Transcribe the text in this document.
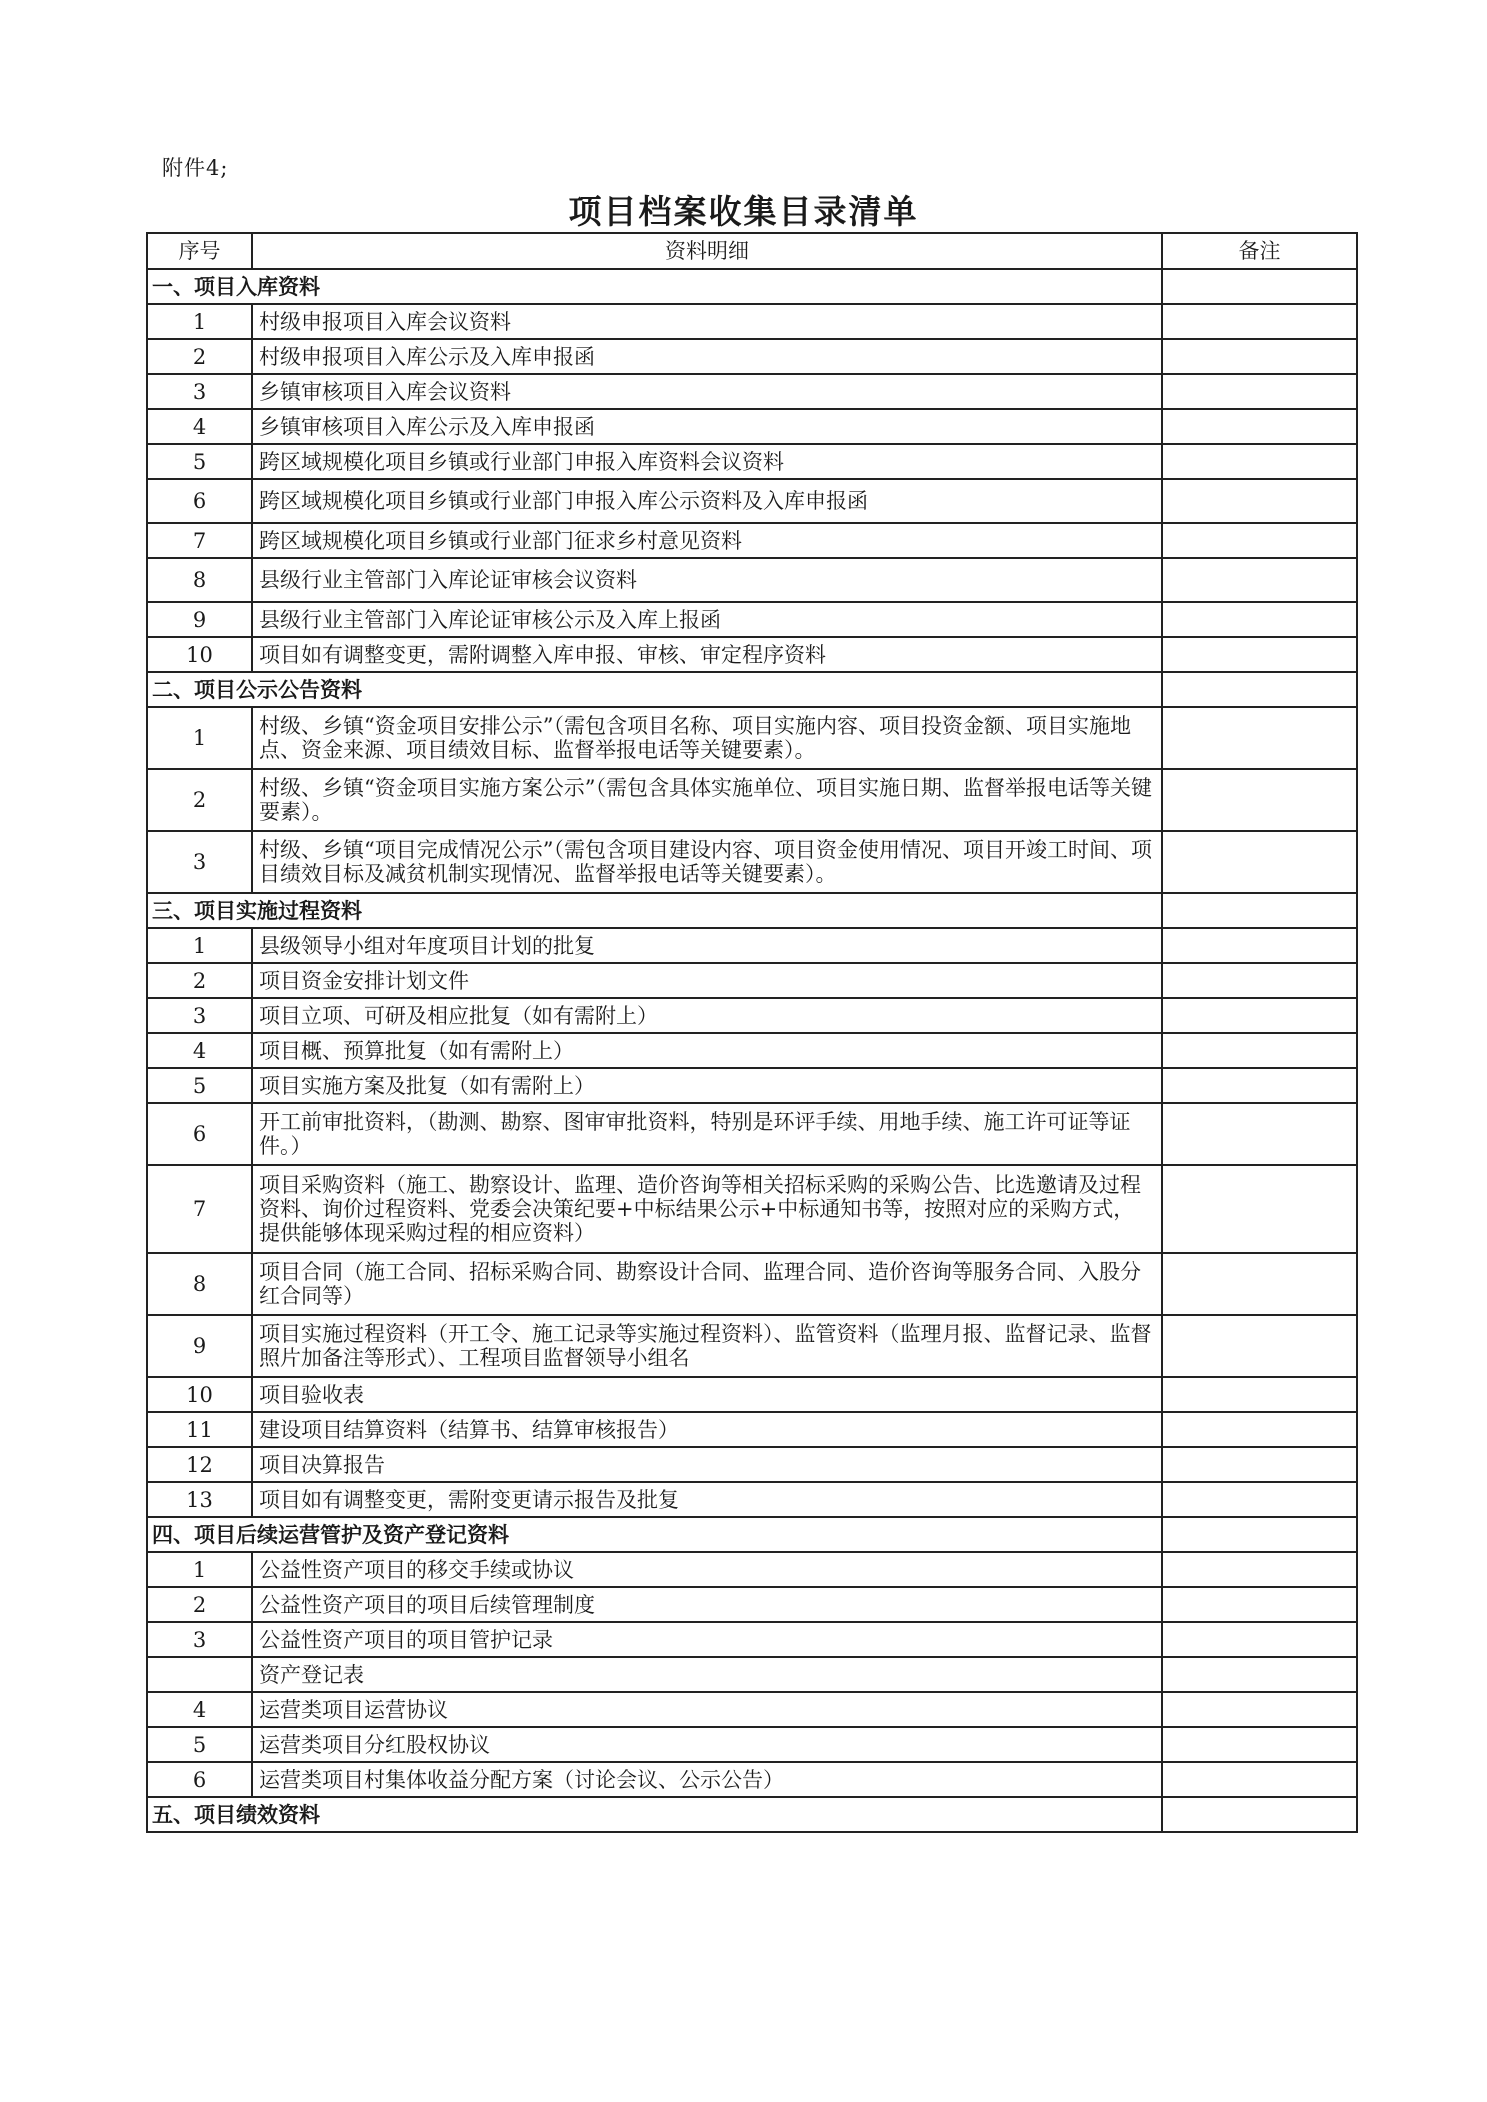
附件4;
项目档案收集目录清单
序号	资料明细	备注
一、项目入库资料		
1	村级申报项目入库会议资料	
2	村级申报项目入库公示及入库申报函	
3	乡镇审核项目入库会议资料	
4	乡镇审核项目入库公示及入库申报函	
5	跨区域规模化项目乡镇或行业部门申报入库资料会议资料	
6	跨区域规模化项目乡镇或行业部门申报入库公示资料及入库申报函	
7	跨区域规模化项目乡镇或行业部门征求乡村意见资料	
8	县级行业主管部门入库论证审核会议资料	
9	县级行业主管部门入库论证审核公示及入库上报函	
10	项目如有调整变更，需附调整入库申报、审核、审定程序资料	
二、项目公示公告资料		
1	村级、乡镇“资金项目安排公示”（需包含项目名称、项目实施内容、项目投资金额、项目实施地点、资金来源、项目绩效目标、监督举报电话等关键要素）。	
2	村级、乡镇“资金项目实施方案公示”（需包含具体实施单位、项目实施日期、监督举报电话等关键要素）。	
3	村级、乡镇“项目完成情况公示”（需包含项目建设内容、项目资金使用情况、项目开竣工时间、项目绩效目标及减贫机制实现情况、监督举报电话等关键要素）。	
三、项目实施过程资料		
1	县级领导小组对年度项目计划的批复	
2	项目资金安排计划文件	
3	项目立项、可研及相应批复（如有需附上）	
4	项目概、预算批复（如有需附上）	
5	项目实施方案及批复（如有需附上）	
6	开工前审批资料，（勘测、勘察、图审审批资料，特别是环评手续、用地手续、施工许可证等证件。）	
7	项目采购资料（施工、勘察设计、监理、造价咨询等相关招标采购的采购公告、比选邀请及过程资料、询价过程资料、党委会决策纪要+中标结果公示+中标通知书等，按照对应的采购方式，提供能够体现采购过程的相应资料）	
8	项目合同（施工合同、招标采购合同、勘察设计合同、监理合同、造价咨询等服务合同、入股分红合同等）	
9	项目实施过程资料（开工令、施工记录等实施过程资料）、监管资料（监理月报、监督记录、监督照片加备注等形式）、工程项目监督领导小组名	
10	项目验收表	
11	建设项目结算资料（结算书、结算审核报告）	
12	项目决算报告	
13	项目如有调整变更，需附变更请示报告及批复	
四、项目后续运营管护及资产登记资料		
1	公益性资产项目的移交手续或协议	
2	公益性资产项目的项目后续管理制度	
3	公益性资产项目的项目管护记录	
	资产登记表	
4	运营类项目运营协议	
5	运营类项目分红股权协议	
6	运营类项目村集体收益分配方案（讨论会议、公示公告）	
五、项目绩效资料		
